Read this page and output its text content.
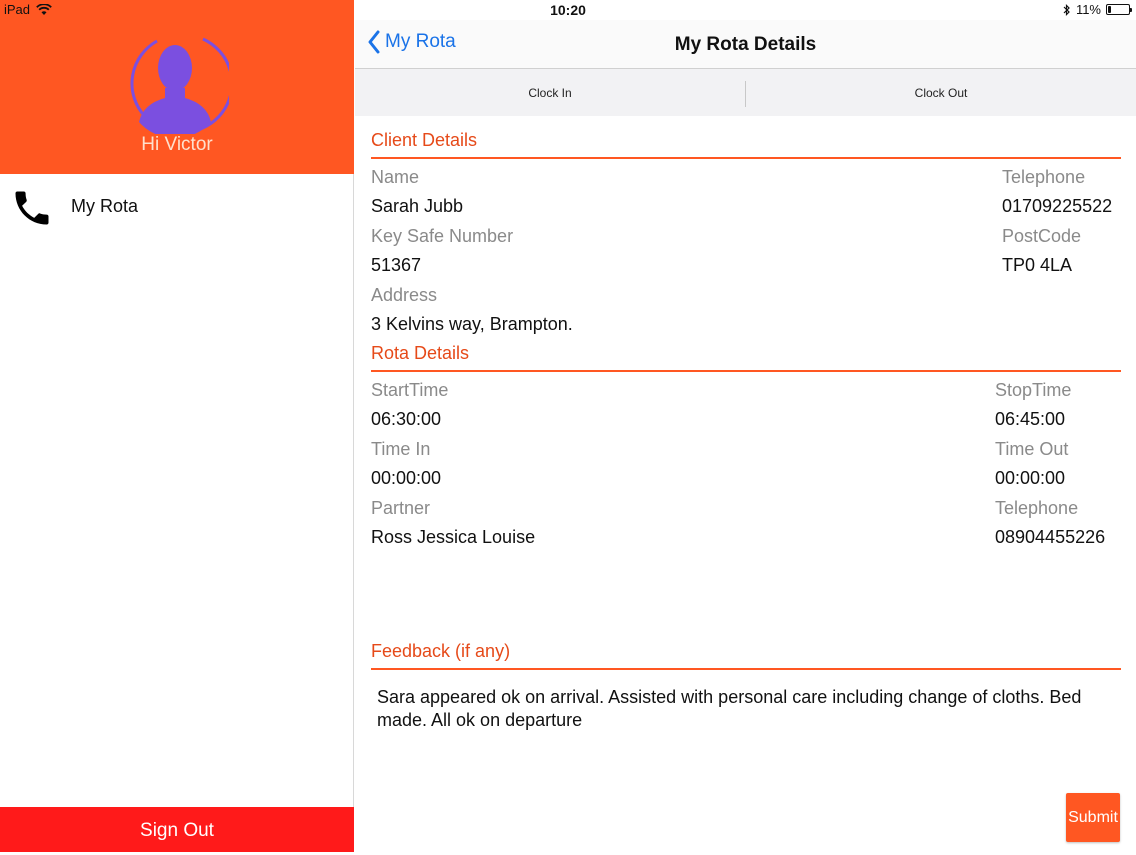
iPad	10:20	11%
Hi Victor
My Rota
Sign Out
My Rota	My Rota Details
Clock In	Clock Out
Client Details
Name	Telephone
Sarah Jubb	01709225522
Key Safe Number	PostCode
51367	TP0 4LA
Address
3 Kelvins way, Brampton.
Rota Details
StartTime	StopTime
06:30:00	06:45:00
Time In	Time Out
00:00:00	00:00:00
Partner	Telephone
Ross Jessica Louise	08904455226
Feedback (if any)
Sara appeared ok on arrival. Assisted with personal care including change of cloths. Bed made. All ok on departure
Submit
